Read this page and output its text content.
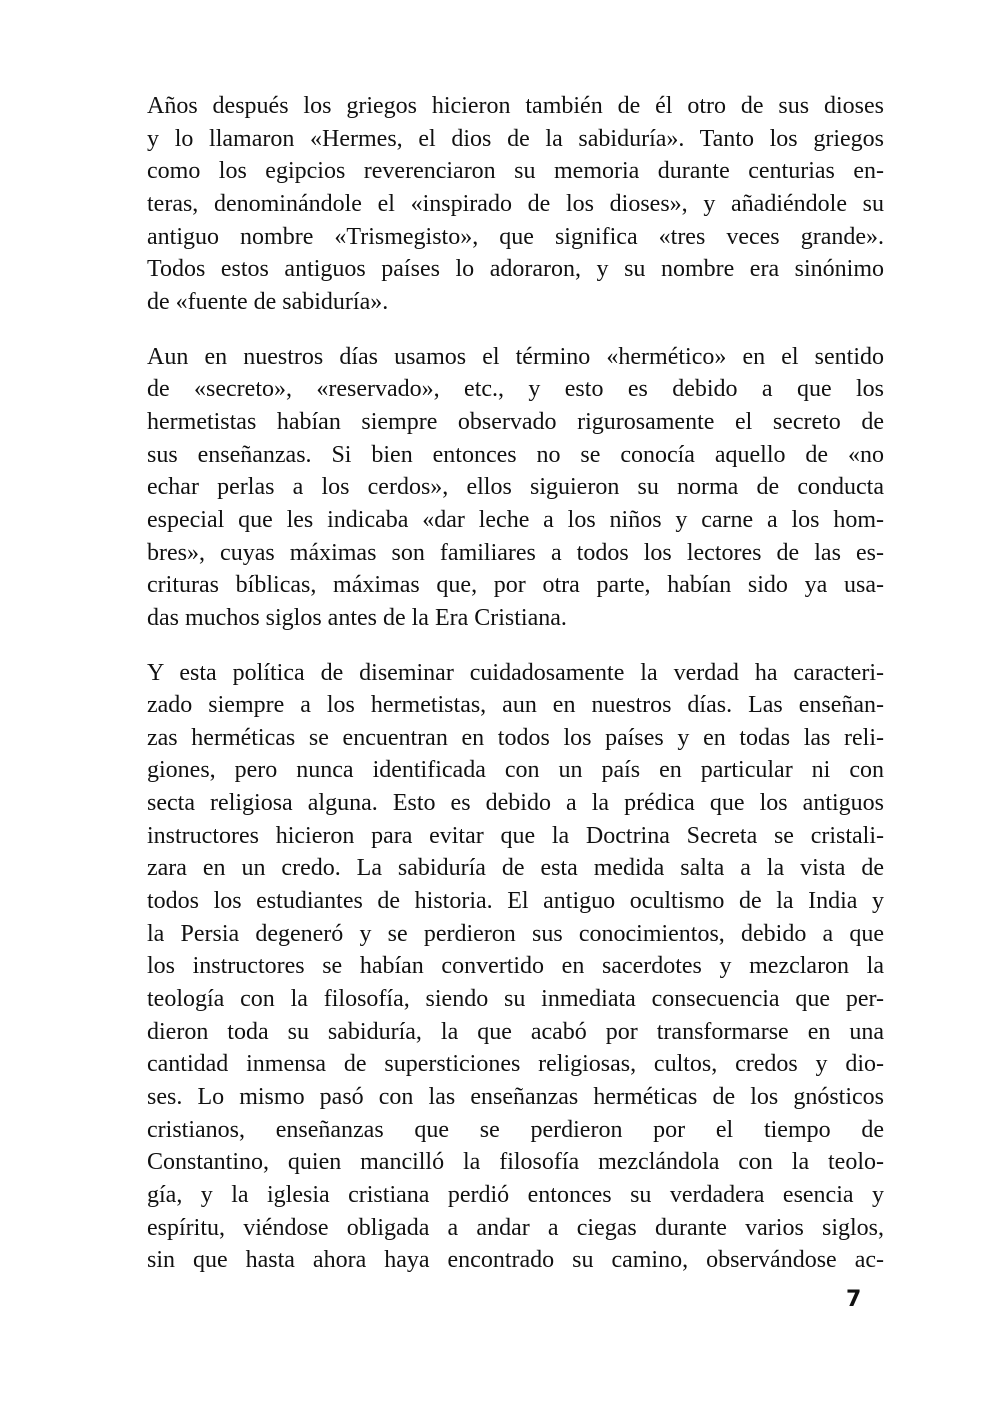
Años después los griegos hicieron también de él otro de sus dioses
y lo llamaron «Hermes, el dios de la sabiduría». Tanto los griegos
como los egipcios reverenciaron su memoria durante centurias en-
teras, denominándole el «inspirado de los dioses», y añadiéndole su
antiguo nombre «Trismegisto», que significa «tres veces grande».
Todos estos antiguos países lo adoraron, y su nombre era sinónimo
de «fuente de sabiduría».
Aun en nuestros días usamos el término «hermético» en el sentido
de «secreto», «reservado», etc., y esto es debido a que los
hermetistas habían siempre observado rigurosamente el secreto de
sus enseñanzas. Si bien entonces no se conocía aquello de «no
echar perlas a los cerdos», ellos siguieron su norma de conducta
especial que les indicaba «dar leche a los niños y carne a los hom-
bres», cuyas máximas son familiares a todos los lectores de las es-
crituras bíblicas, máximas que, por otra parte, habían sido ya usa-
das muchos siglos antes de la Era Cristiana.
Y esta política de diseminar cuidadosamente la verdad ha caracteri-
zado siempre a los hermetistas, aun en nuestros días. Las enseñan-
zas herméticas se encuentran en todos los países y en todas las reli-
giones, pero nunca identificada con un país en particular ni con
secta religiosa alguna. Esto es debido a la prédica que los antiguos
instructores hicieron para evitar que la Doctrina Secreta se cristali-
zara en un credo. La sabiduría de esta medida salta a la vista de
todos los estudiantes de historia. El antiguo ocultismo de la India y
la Persia degeneró y se perdieron sus conocimientos, debido a que
los instructores se habían convertido en sacerdotes y mezclaron la
teología con la filosofía, siendo su inmediata consecuencia que per-
dieron toda su sabiduría, la que acabó por transformarse en una
cantidad inmensa de supersticiones religiosas, cultos, credos y dio-
ses. Lo mismo pasó con las enseñanzas herméticas de los gnósticos
cristianos, enseñanzas que se perdieron por el tiempo de
Constantino, quien mancilló la filosofía mezclándola con la teolo-
gía, y la iglesia cristiana perdió entonces su verdadera esencia y
espíritu, viéndose obligada a andar a ciegas durante varios siglos,
sin que hasta ahora haya encontrado su camino, observándose ac-
7
